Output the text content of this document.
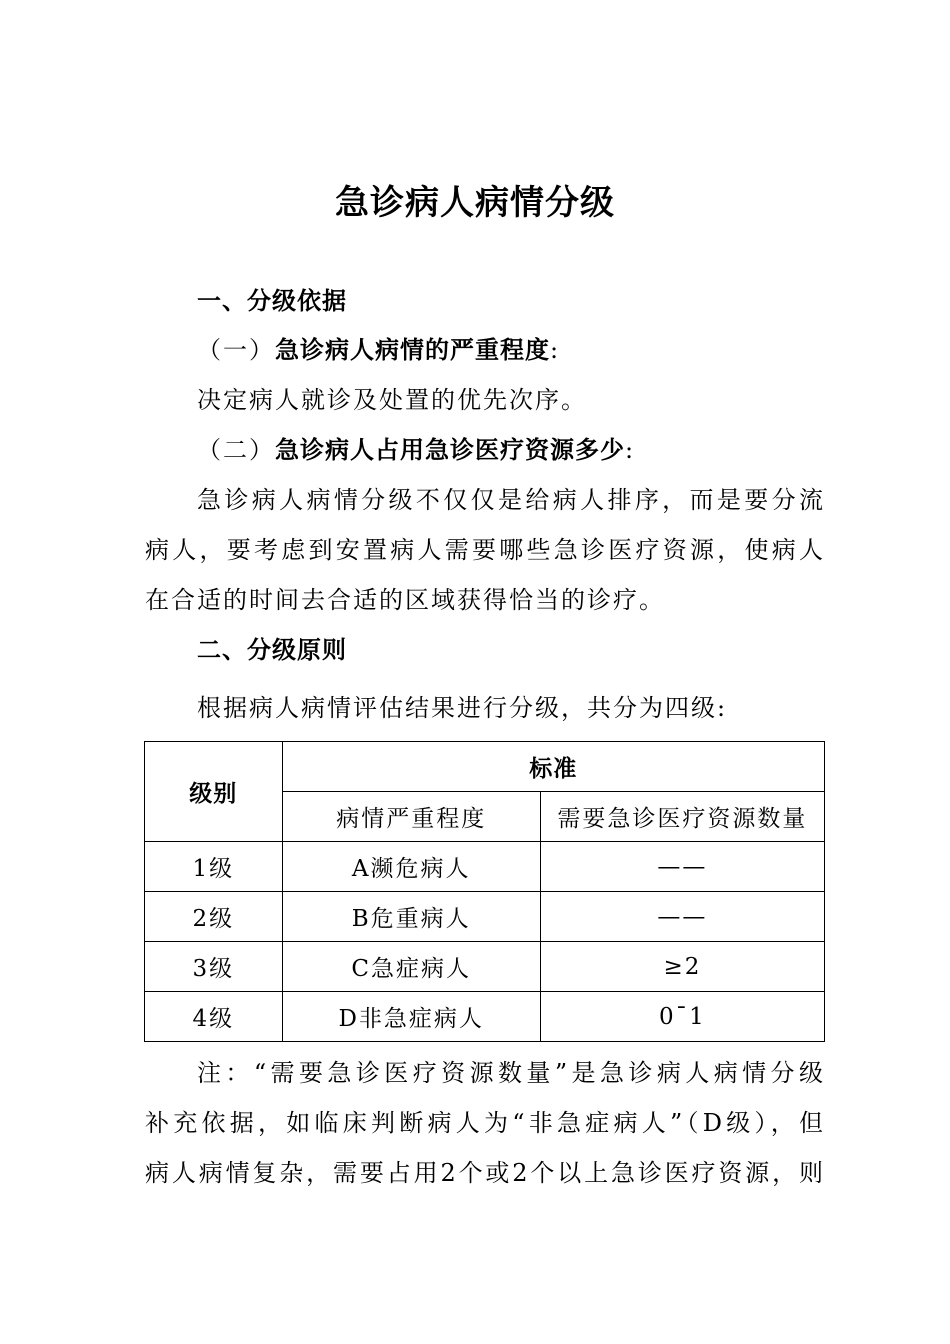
急诊病人病情分级
一、分级依据
（一）急诊病人病情的严重程度:
决定病人就诊及处置的优先次序。
（二）急诊病人占用急诊医疗资源多少:
急诊病人病情分级不仅仅是给病人排序，而是要分流
病人，要考虑到安置病人需要哪些急诊医疗资源，使病人
在合适的时间去合适的区域获得恰当的诊疗。
二、分级原则
根据病人病情评估结果进行分级，共分为四级:
级别	标准	
	病情严重程度	需要急诊医疗资源数量
1级	A濒危病人	——
2级	B危重病人	——
3级	C急症病人	≥2
4级	D非急症病人	0¯1
注：“需要急诊医疗资源数量”是急诊病人病情分级
补充依据，如临床判断病人为“非急症病人”（D级），但
病人病情复杂，需要占用2个或2个以上急诊医疗资源，则
